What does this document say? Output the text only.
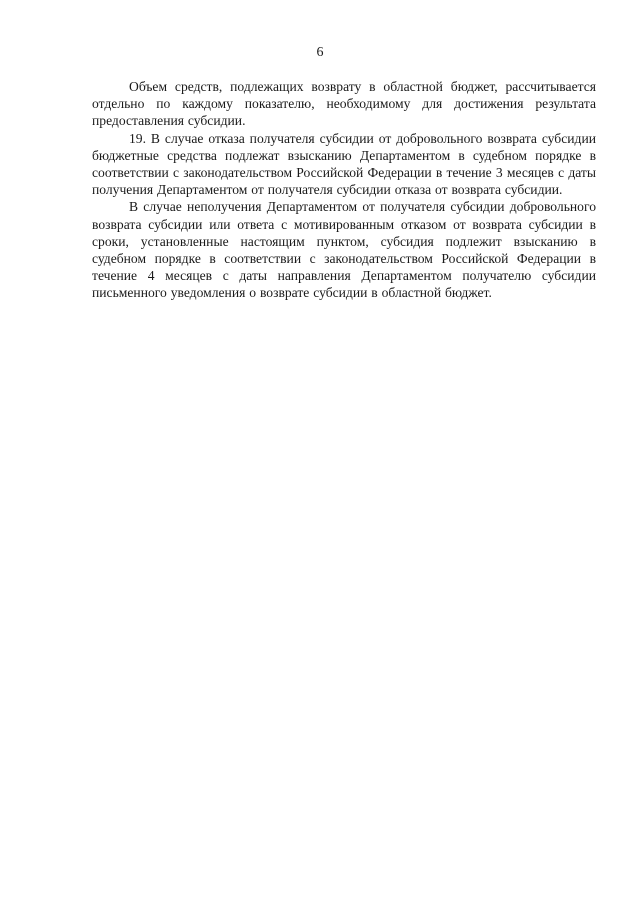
6

Объем средств, подлежащих возврату в областной бюджет, рассчитывается отдельно по каждому показателю, необходимому для достижения результата предоставления субсидии.

19. В случае отказа получателя субсидии от добровольного возврата субсидии бюджетные средства подлежат взысканию Департаментом в судебном порядке в соответствии с законодательством Российской Федерации в течение 3 месяцев с даты получения Департаментом от получателя субсидии отказа от возврата субсидии.

В случае неполучения Департаментом от получателя субсидии добровольного возврата субсидии или ответа с мотивированным отказом от возврата субсидии в сроки, установленные настоящим пунктом, субсидия подлежит взысканию в судебном порядке в соответствии с законодательством Российской Федерации в течение 4 месяцев с даты направления Департаментом получателю субсидии письменного уведомления о возврате субсидии в областной бюджет.
